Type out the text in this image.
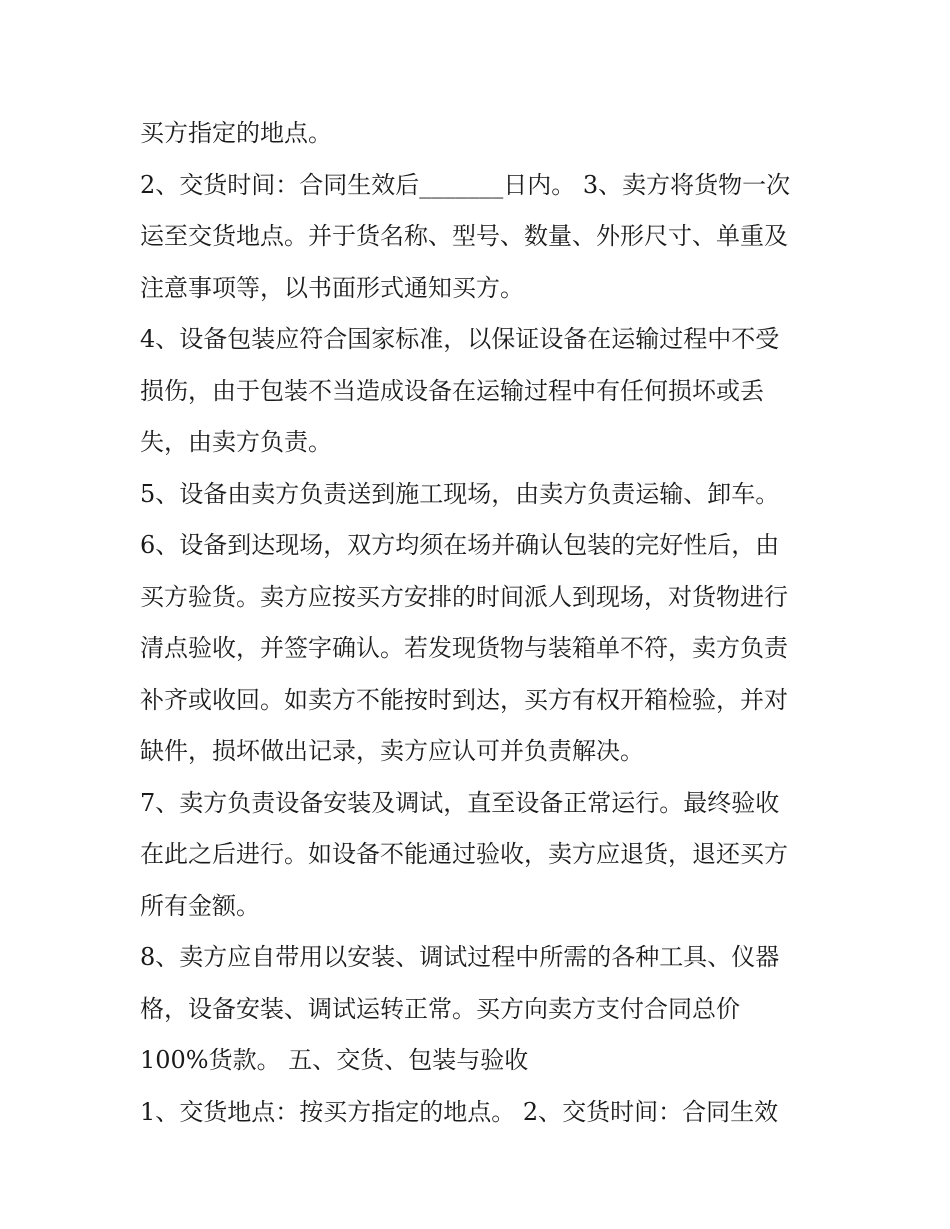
买方指定的地点。
2、交货时间：合同生效后_______日内。 3、卖方将货物一次
运至交货地点。并于货名称、型号、数量、外形尺寸、单重及
注意事项等，以书面形式通知买方。
4、设备包装应符合国家标准，以保证设备在运输过程中不受
损伤，由于包装不当造成设备在运输过程中有任何损坏或丢
失，由卖方负责。
5、设备由卖方负责送到施工现场，由卖方负责运输、卸车。
6、设备到达现场，双方均须在场并确认包装的完好性后，由
买方验货。卖方应按买方安排的时间派人到现场，对货物进行
清点验收，并签字确认。若发现货物与装箱单不符，卖方负责
补齐或收回。如卖方不能按时到达，买方有权开箱检验，并对
缺件，损坏做出记录，卖方应认可并负责解决。
7、卖方负责设备安装及调试，直至设备正常运行。最终验收
在此之后进行。如设备不能通过验收，卖方应退货，退还买方
所有金额。
8、卖方应自带用以安装、调试过程中所需的各种工具、仪器
格，设备安装、调试运转正常。买方向卖方支付合同总价
100%货款。 五、交货、包装与验收
1、交货地点：按买方指定的地点。 2、交货时间：合同生效
